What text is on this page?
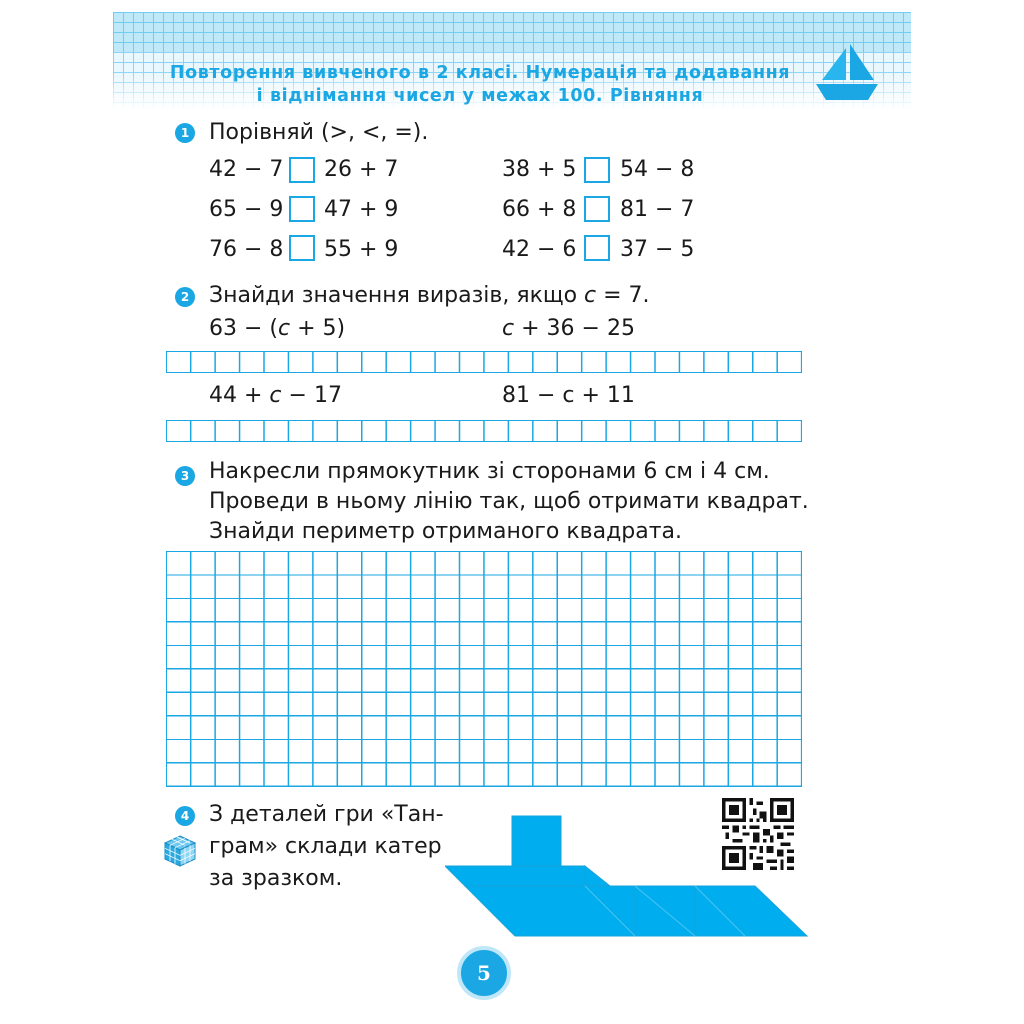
Повторення вивченого в 2 класі. Нумерація та додавання
і віднімання чисел у межах 100. Рівняння
1 Порівняй (>, <, =).
42 − 7 26 + 7	38 + 5 54 − 8
65 − 9 47 + 9	66 + 8 81 − 7
76 − 8 55 + 9	42 − 6 37 − 5
2 Знайди значення виразів, якщо c = 7.
63 − (c + 5)	c + 36 − 25
44 + c − 17	81 − c + 11
3 Накресли прямокутник зі сторонами 6 см і 4 см.
Проведи в ньому лінію так, щоб отримати квадрат.
Знайди периметр отриманого квадрата.
4 З деталей гри «Тан-
грам» склади катер
за зразком.
5
